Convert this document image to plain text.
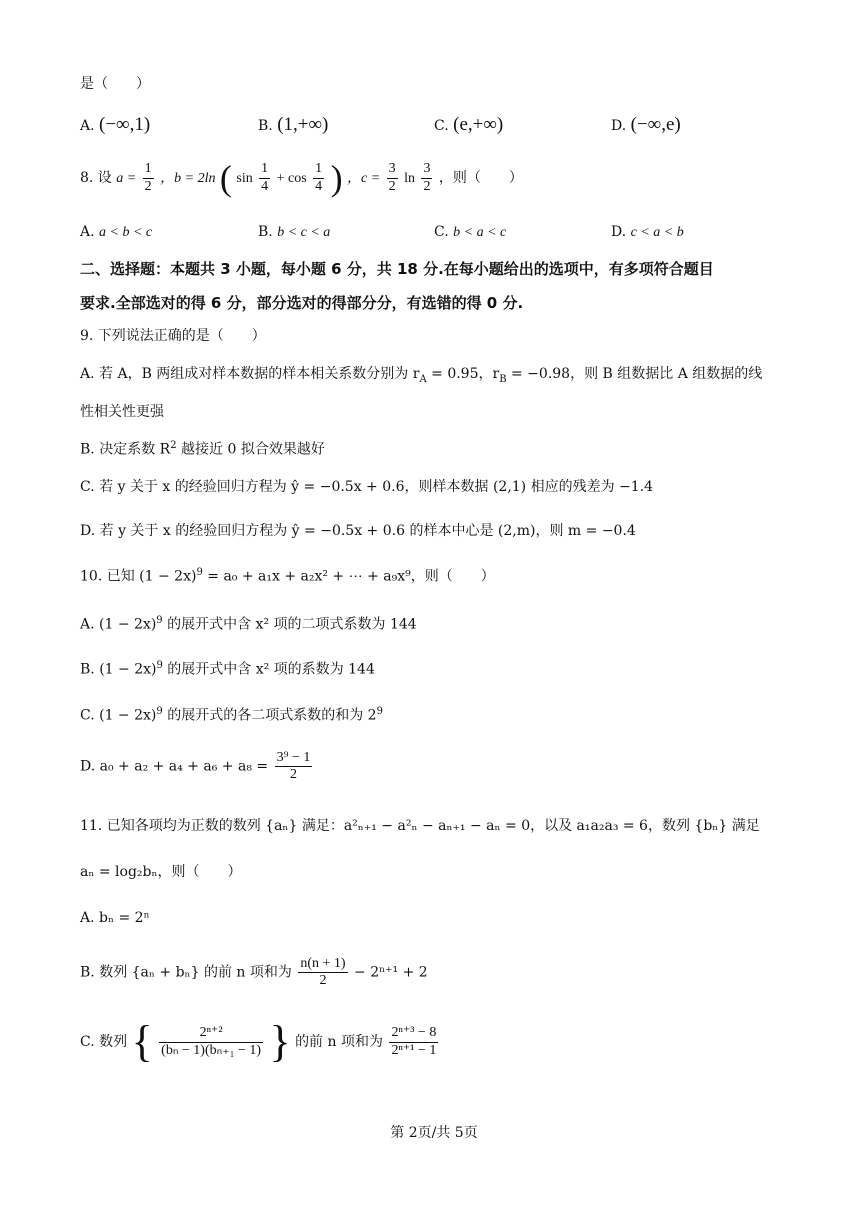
是（　　）
A. (−∞,1)	B. (1,+∞)	C. (e,+∞)	D. (−∞,e)
8. 设 $a = \frac{1}{2}$ ，b = 2ln ( $\sin \frac{1}{4} + \cos \frac{1}{4}$ ) ，$c = \frac{3}{2}$ $\ln \frac{3}{2}$ ，则（　　）
A. a < b < c	B. b < c < a	C. b < a < c	D. c < a < b
二、选择题：本题共 3 小题，每小题 6 分，共 18 分.在每小题给出的选项中，有多项符合题目
要求.全部选对的得 6 分，部分选对的得部分分，有选错的得 0 分.
9. 下列说法正确的是（　　）
A. 若 A，B 两组成对样本数据的样本相关系数分别为 $r_A = 0.95$，$r_B = -0.98$，则 B 组数据比 A 组数据的线
性相关性更强
B. 决定系数 $R^2$ 越接近 0 拟合效果越好
C. 若 y 关于 x 的经验回归方程为 ŷ = −0.5x + 0.6，则样本数据 (2,1) 相应的残差为 −1.4
D. 若 y 关于 x 的经验回归方程为 ŷ = −0.5x + 0.6 的样本中心是 (2,m)，则 m = −0.4
10. 已知 $(1 - 2x)^9 = a_0 + a_1x + a_2x^2$ + ⋯ + a₉x⁹，则（　　）
A. $(1 - 2x)^9$ 的展开式中含 x² 项的二项式系数为 144
B. $(1 - 2x)^9$ 的展开式中含 x² 项的系数为 144
C. $(1 - 2x)^9$ 的展开式的各二项式系数的和为 $2^9$
D. $a_0 + a_2 + a_4 + a_6 + a_8 = \frac{\text{3⁹ − 1}}{2}$
11. 已知各项均为正数的数列 {aₙ} 满足：a²ₙ₊₁ − a²ₙ − aₙ₊₁ − aₙ = 0，以及 a₁a₂a₃ = 6，数列 {bₙ} 满足
aₙ = log₂bₙ，则（　　）
A. bₙ = 2ⁿ
B. 数列 {aₙ + bₙ} 的前 n 项和为 $\frac{n(n + 1)}{2} - 2^{n+1} + 2$
C. 数列 { $\frac{\text{2ⁿ⁺²}}{\text{(bₙ − 1)(bₙ₊₁ − 1)}}$ } 的前 n 项和为 $\frac{\text{2ⁿ⁺³ − 8}}{\text{2ⁿ⁺¹ − 1}}$
第 2页/共 5页
